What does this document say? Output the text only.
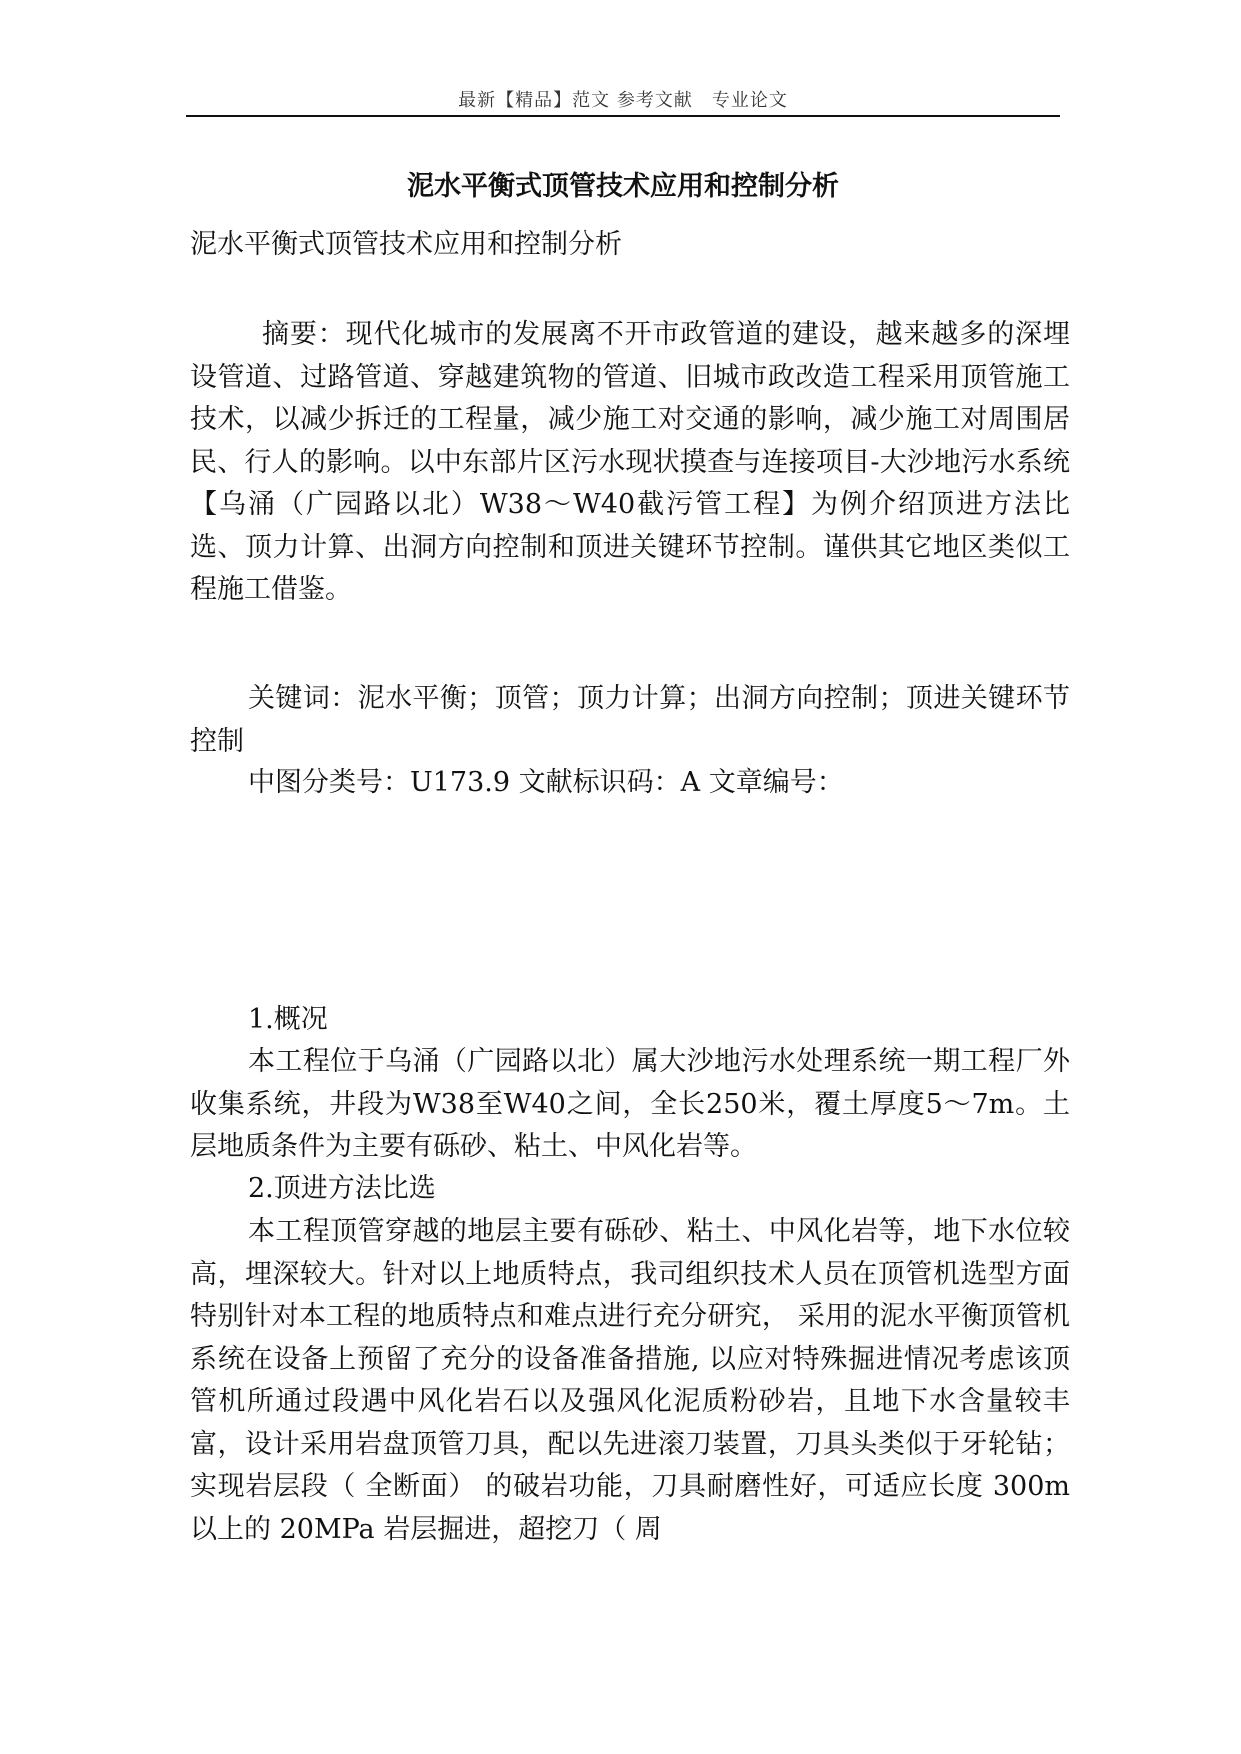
最新【精品】范文 参考文献　专业论文
泥水平衡式顶管技术应用和控制分析

泥水平衡式顶管技术应用和控制分析

摘要：现代化城市的发展离不开市政管道的建设，越来越多的深埋设管道、过路管道、穿越建筑物的管道、旧城市政改造工程采用顶管施工技术，以减少拆迁的工程量，减少施工对交通的影响，减少施工对周围居民、行人的影响。以中东部片区污水现状摸查与连接项目-大沙地污水系统【乌涌（广园路以北）W38～W40截污管工程】为例介绍顶进方法比选、顶力计算、出洞方向控制和顶进关键环节控制。谨供其它地区类似工程施工借鉴。

关键词：泥水平衡；顶管；顶力计算；出洞方向控制；顶进关键环节控制

中图分类号：U173.9 文献标识码：A 文章编号：

1.概况

本工程位于乌涌（广园路以北）属大沙地污水处理系统一期工程厂外收集系统，井段为W38至W40之间，全长250米，覆土厚度5～7m。土层地质条件为主要有砾砂、粘土、中风化岩等。

2.顶进方法比选

本工程顶管穿越的地层主要有砾砂、粘土、中风化岩等，地下水位较高，埋深较大。针对以上地质特点，我司组织技术人员在顶管机选型方面特别针对本工程的地质特点和难点进行充分研究， 采用的泥水平衡顶管机系统在设备上预留了充分的设备准备措施, 以应对特殊掘进情况考虑该顶管机所通过段遇中风化岩石以及强风化泥质粉砂岩，且地下水含量较丰富，设计采用岩盘顶管刀具，配以先进滚刀装置，刀具头类似于牙轮钻；实现岩层段（ 全断面） 的破岩功能，刀具耐磨性好，可适应长度 300m 以上的 20MPa 岩层掘进，超挖刀（ 周
